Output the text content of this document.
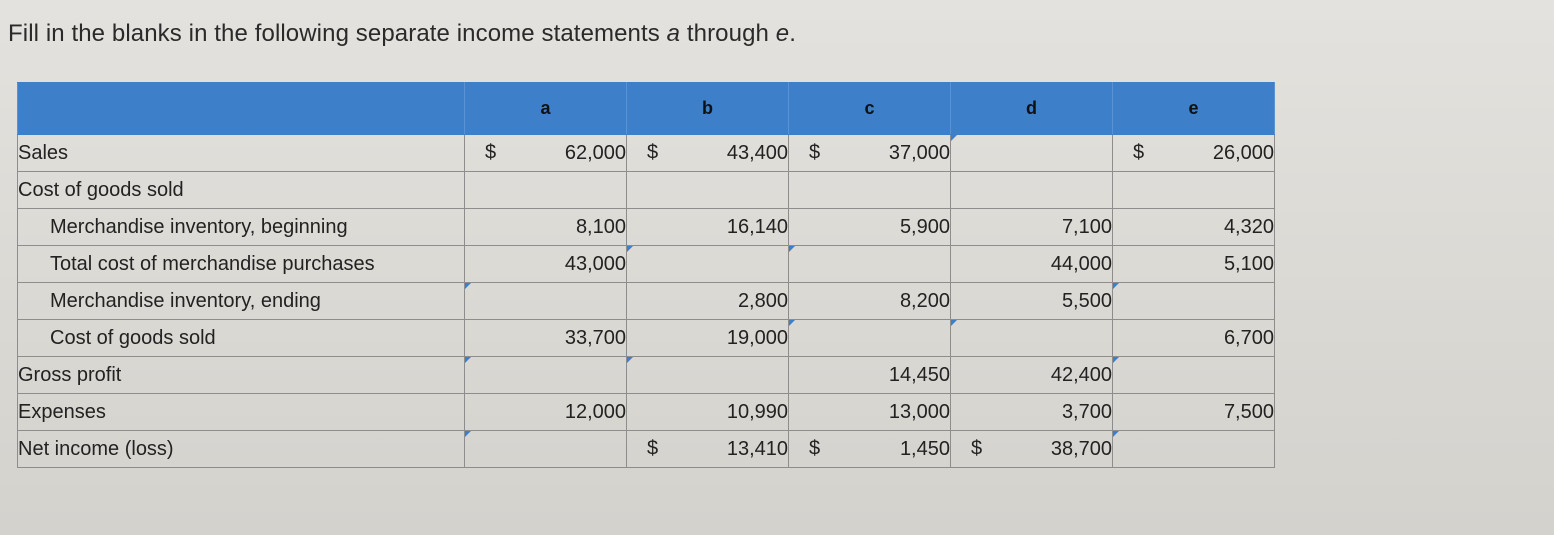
Fill in the blanks in the following separate income statements a through e.
	a	b	c	d	e
Sales	$ 62,000	$ 43,400	$ 37,000		$ 26,000
Cost of goods sold					
Merchandise inventory, beginning	8,100	16,140	5,900	7,100	4,320
Total cost of merchandise purchases	43,000			44,000	5,100
Merchandise inventory, ending		2,800	8,200	5,500	
Cost of goods sold	33,700	19,000			6,700
Gross profit			14,450	42,400	
Expenses	12,000	10,990	13,000	3,700	7,500
Net income (loss)		$ 13,410	$ 1,450	$ 38,700	
